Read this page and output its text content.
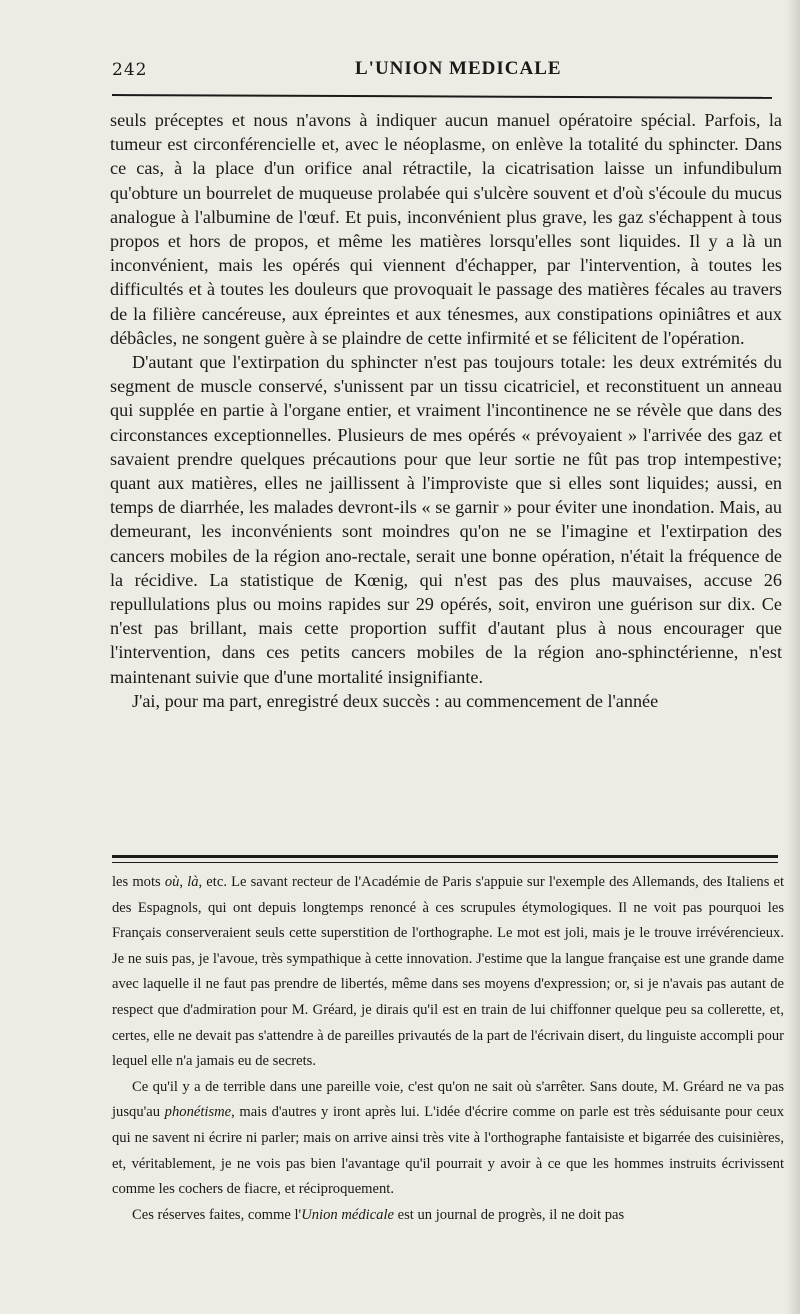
242	L'UNION MEDICALE

seuls préceptes et nous n'avons à indiquer aucun manuel opératoire spécial. Parfois, la tumeur est circonférencielle et, avec le néoplasme, on enlève la totalité du sphincter. Dans ce cas, à la place d'un orifice anal rétractile, la cicatrisation laisse un infundibulum qu'obture un bourrelet de muqueuse prolabée qui s'ulcère souvent et d'où s'écoule du mucus analogue à l'albumine de l'œuf. Et puis, inconvénient plus grave, les gaz s'échappent à tous propos et hors de propos, et même les matières lorsqu'elles sont liquides. Il y a là un inconvénient, mais les opérés qui viennent d'échapper, par l'intervention, à toutes les difficultés et à toutes les douleurs que provoquait le passage des matières fécales au travers de la filière cancéreuse, aux épreintes et aux ténesmes, aux constipations opiniâtres et aux débâcles, ne songent guère à se plaindre de cette infirmité et se félicitent de l'opération.

D'autant que l'extirpation du sphincter n'est pas toujours totale: les deux extrémités du segment de muscle conservé, s'unissent par un tissu cicatriciel, et reconstituent un anneau qui supplée en partie à l'organe entier, et vraiment l'incontinence ne se révèle que dans des circonstances exceptionnelles. Plusieurs de mes opérés « prévoyaient » l'arrivée des gaz et savaient prendre quelques précautions pour que leur sortie ne fût pas trop intempestive; quant aux matières, elles ne jaillissent à l'improviste que si elles sont liquides; aussi, en temps de diarrhée, les malades devront-ils « se garnir » pour éviter une inondation. Mais, au demeurant, les inconvénients sont moindres qu'on ne se l'imagine et l'extirpation des cancers mobiles de la région ano-rectale, serait une bonne opération, n'était la fréquence de la récidive. La statistique de Kœnig, qui n'est pas des plus mauvaises, accuse 26 repullulations plus ou moins rapides sur 29 opérés, soit, environ une guérison sur dix. Ce n'est pas brillant, mais cette proportion suffit d'autant plus à nous encourager que l'intervention, dans ces petits cancers mobiles de la région ano-sphinctérienne, n'est maintenant suivie que d'une mortalité insignifiante.

J'ai, pour ma part, enregistré deux succès : au commencement de l'année

les mots où, là, etc. Le savant recteur de l'Académie de Paris s'appuie sur l'exemple des Allemands, des Italiens et des Espagnols, qui ont depuis longtemps renoncé à ces scrupules étymologiques. Il ne voit pas pourquoi les Français conserveraient seuls cette superstition de l'orthographe. Le mot est joli, mais je le trouve irrévérencieux. Je ne suis pas, je l'avoue, très sympathique à cette innovation. J'estime que la langue française est une grande dame avec laquelle il ne faut pas prendre de libertés, même dans ses moyens d'expression; or, si je n'avais pas autant de respect que d'admiration pour M. Gréard, je dirais qu'il est en train de lui chiffonner quelque peu sa collerette, et, certes, elle ne devait pas s'attendre à de pareilles privautés de la part de l'écrivain disert, du linguiste accompli pour lequel elle n'a jamais eu de secrets.

Ce qu'il y a de terrible dans une pareille voie, c'est qu'on ne sait où s'arrêter. Sans doute, M. Gréard ne va pas jusqu'au phonétisme, mais d'autres y iront après lui. L'idée d'écrire comme on parle est très séduisante pour ceux qui ne savent ni écrire ni parler; mais on arrive ainsi très vite à l'orthographe fantaisiste et bigarrée des cuisinières, et, véritablement, je ne vois pas bien l'avantage qu'il pourrait y avoir à ce que les hommes instruits écrivissent comme les cochers de fiacre, et réciproquement.

Ces réserves faites, comme l'Union médicale est un journal de progrès, il ne doit pas
